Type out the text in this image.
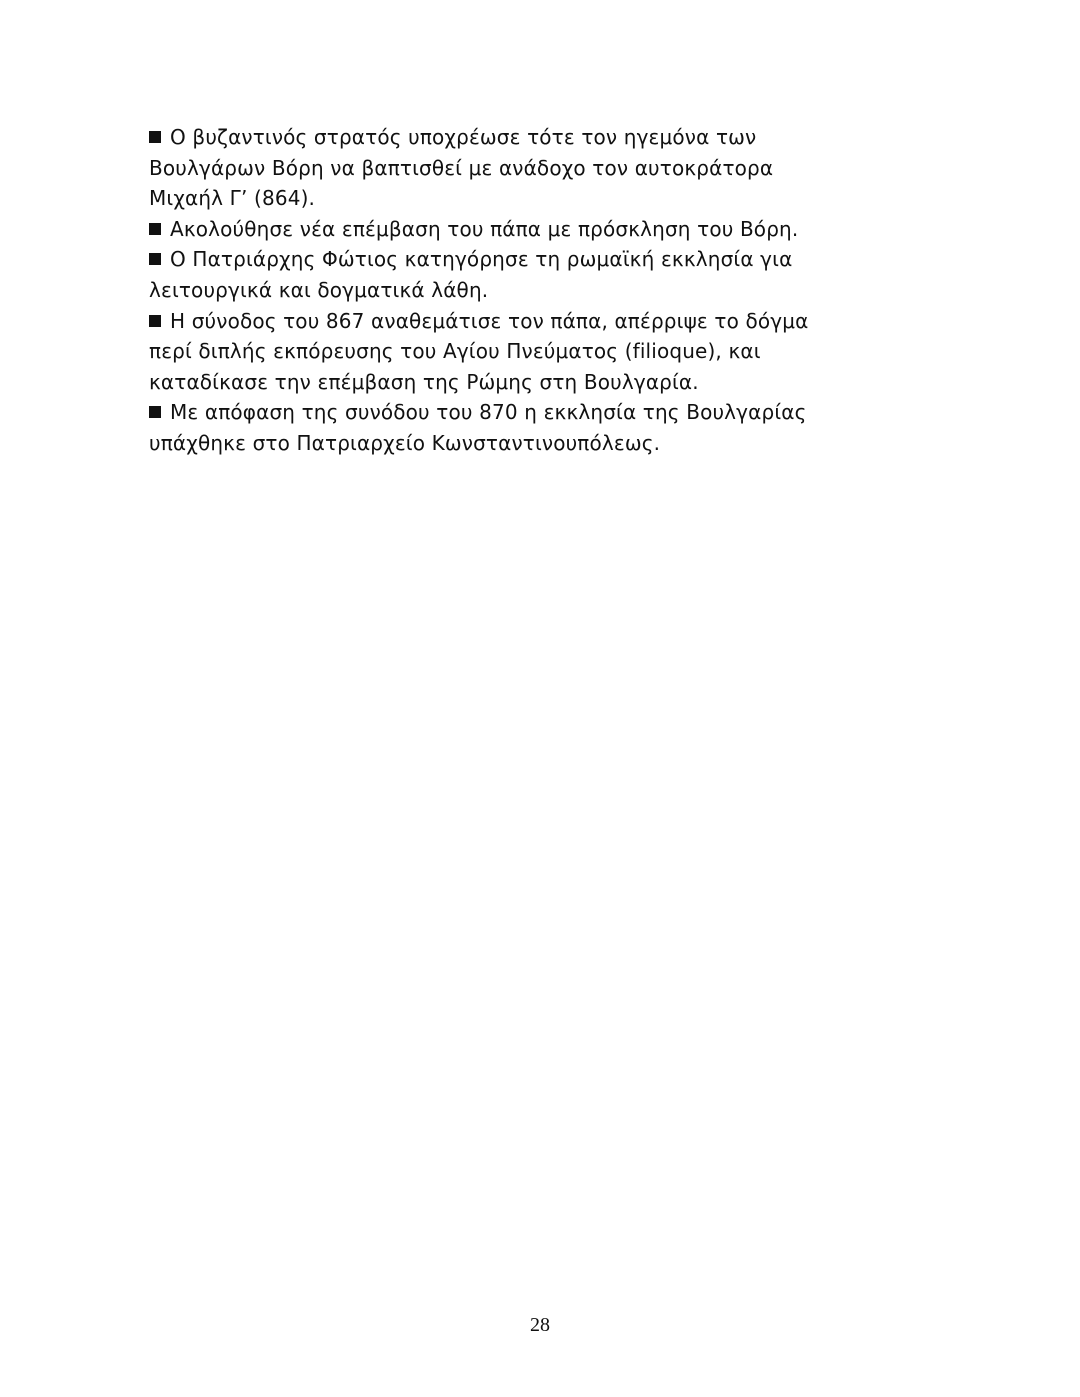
Ο βυζαντινός στρατός υποχρέωσε τότε τον ηγεμόνα των
Βουλγάρων Βόρη να βαπτισθεί με ανάδοχο τον αυτοκράτορα
Μιχαήλ Γ’ (864).
Ακολούθησε νέα επέμβαση του πάπα με πρόσκληση του Βόρη.
Ο Πατριάρχης Φώτιος κατηγόρησε τη ρωμαϊκή εκκλησία για
λειτουργικά και δογματικά λάθη.
Η σύνοδος του 867 αναθεμάτισε τον πάπα, απέρριψε το δόγμα
περί διπλής εκπόρευσης του Αγίου Πνεύματος (filioque), και
καταδίκασε την επέμβαση της Ρώμης στη Βουλγαρία.
Με απόφαση της συνόδου του 870 η εκκλησία της Βουλγαρίας
υπάχθηκε στο Πατριαρχείο Κωνσταντινουπόλεως.
28
